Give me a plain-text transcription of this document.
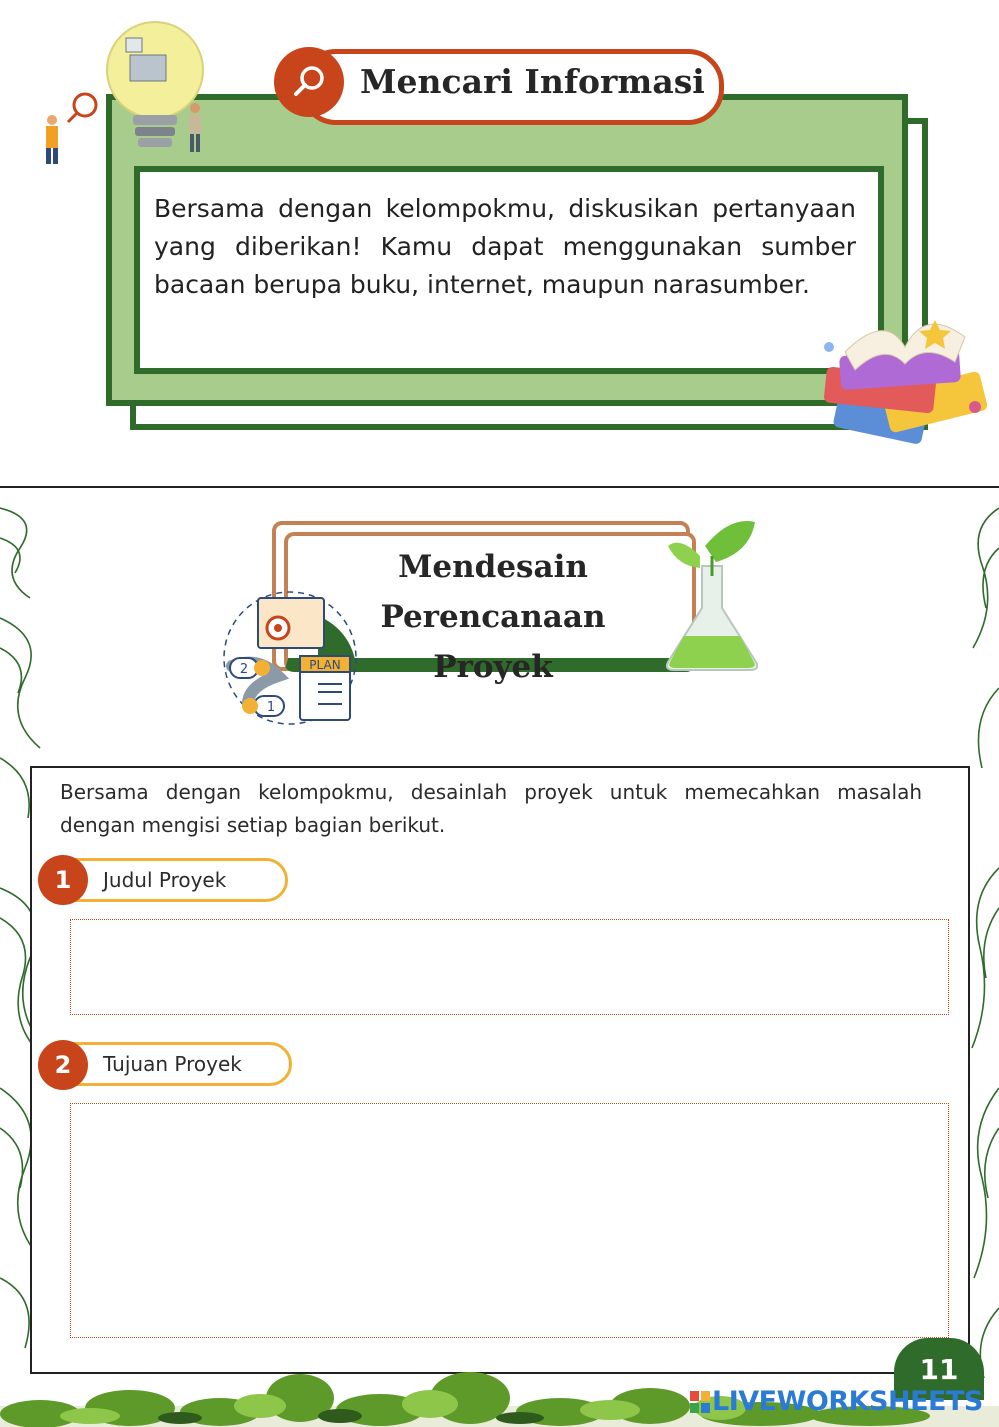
Bersama dengan kelompokmu, diskusikan pertanyaan yang diberikan! Kamu dapat menggunakan sumber bacaan berupa buku, internet, maupun narasumber.
Mencari Informasi
Mendesain Perencanaan
Proyek
2
1
PLAN
Bersama dengan kelompokmu, desainlah proyek untuk memecahkan masalah dengan mengisi setiap bagian berikut.
Judul Proyek
1
Tujuan Proyek
2
11
LIVEWORKSHEETS
